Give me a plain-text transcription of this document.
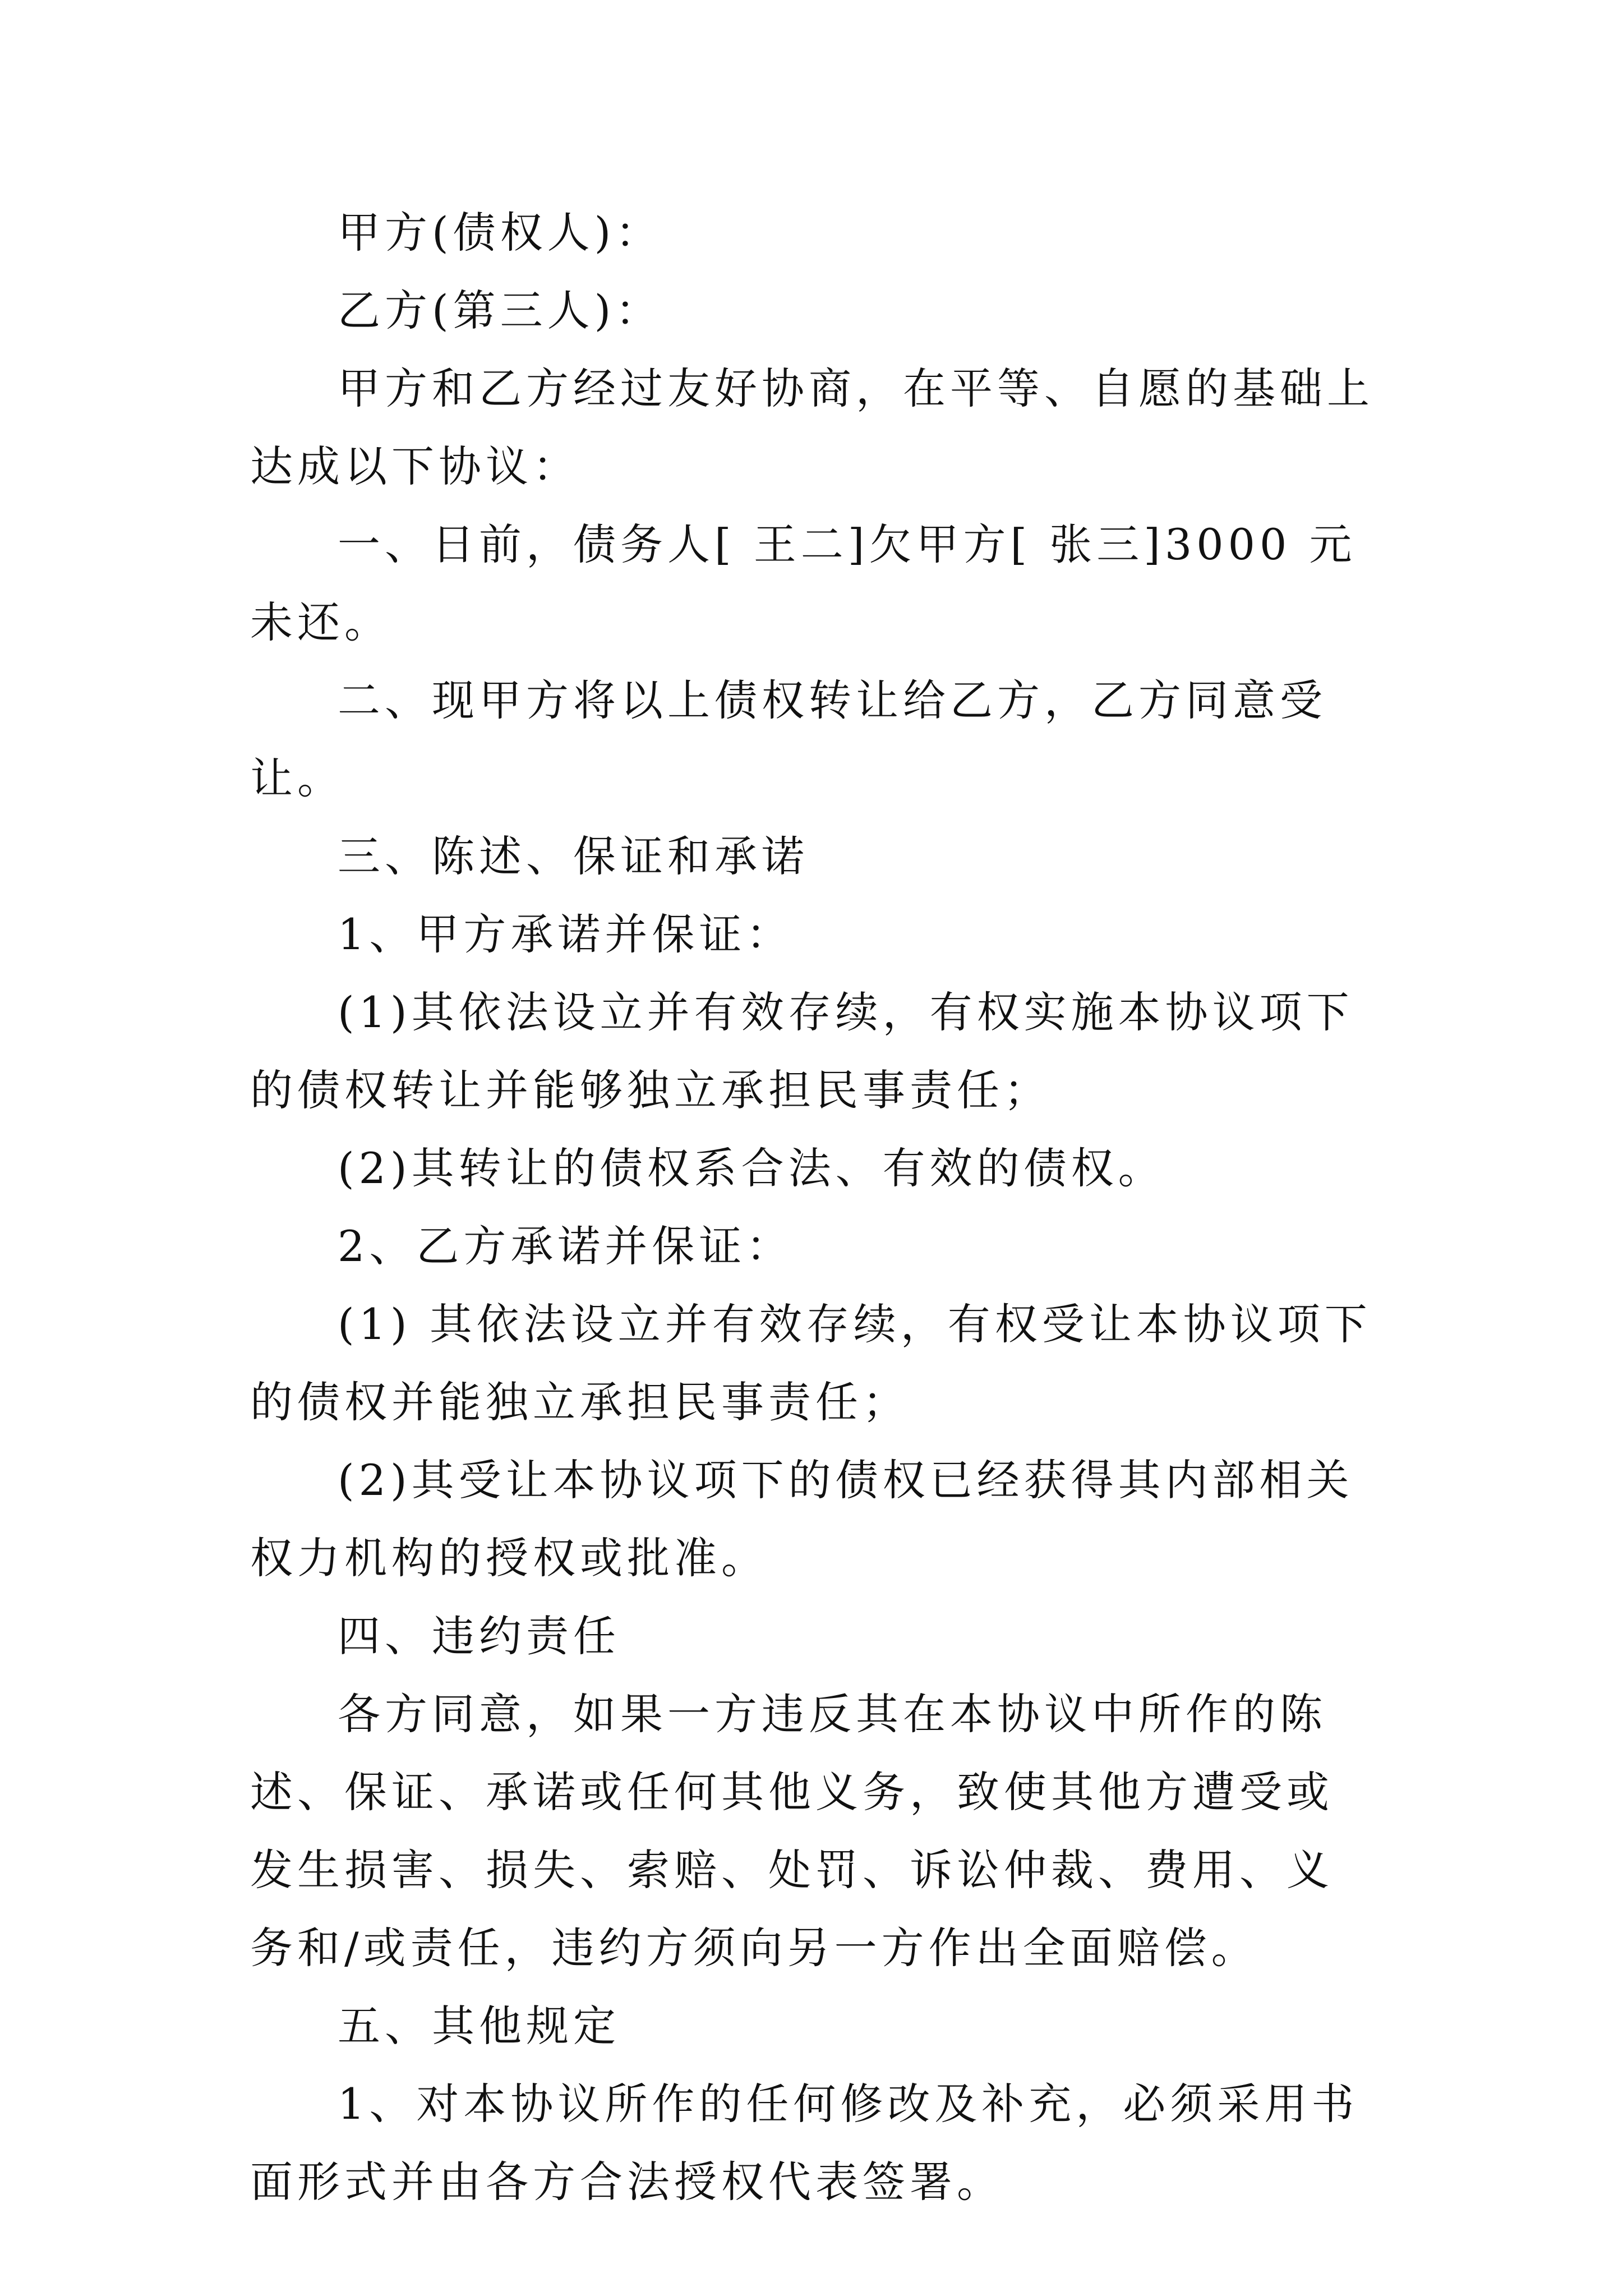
甲方(债权人)：

乙方(第三人)：

甲方和乙方经过友好协商，在平等、自愿的基础上达成以下协议：

一、日前，债务人[ 王二]欠甲方[ 张三]3000 元未还。

二、现甲方将以上债权转让给乙方，乙方同意受让。

三、陈述、保证和承诺

1、甲方承诺并保证：

(1)其依法设立并有效存续，有权实施本协议项下的债权转让并能够独立承担民事责任；

(2)其转让的债权系合法、有效的债权。

2、乙方承诺并保证：

(1) 其依法设立并有效存续，有权受让本协议项下的债权并能独立承担民事责任；

(2)其受让本协议项下的债权已经获得其内部相关权力机构的授权或批准。

四、违约责任

各方同意，如果一方违反其在本协议中所作的陈述、保证、承诺或任何其他义务，致使其他方遭受或发生损害、损失、索赔、处罚、诉讼仲裁、费用、义务和/或责任，违约方须向另一方作出全面赔偿。

五、其他规定

1、对本协议所作的任何修改及补充，必须采用书面形式并由各方合法授权代表签署。
